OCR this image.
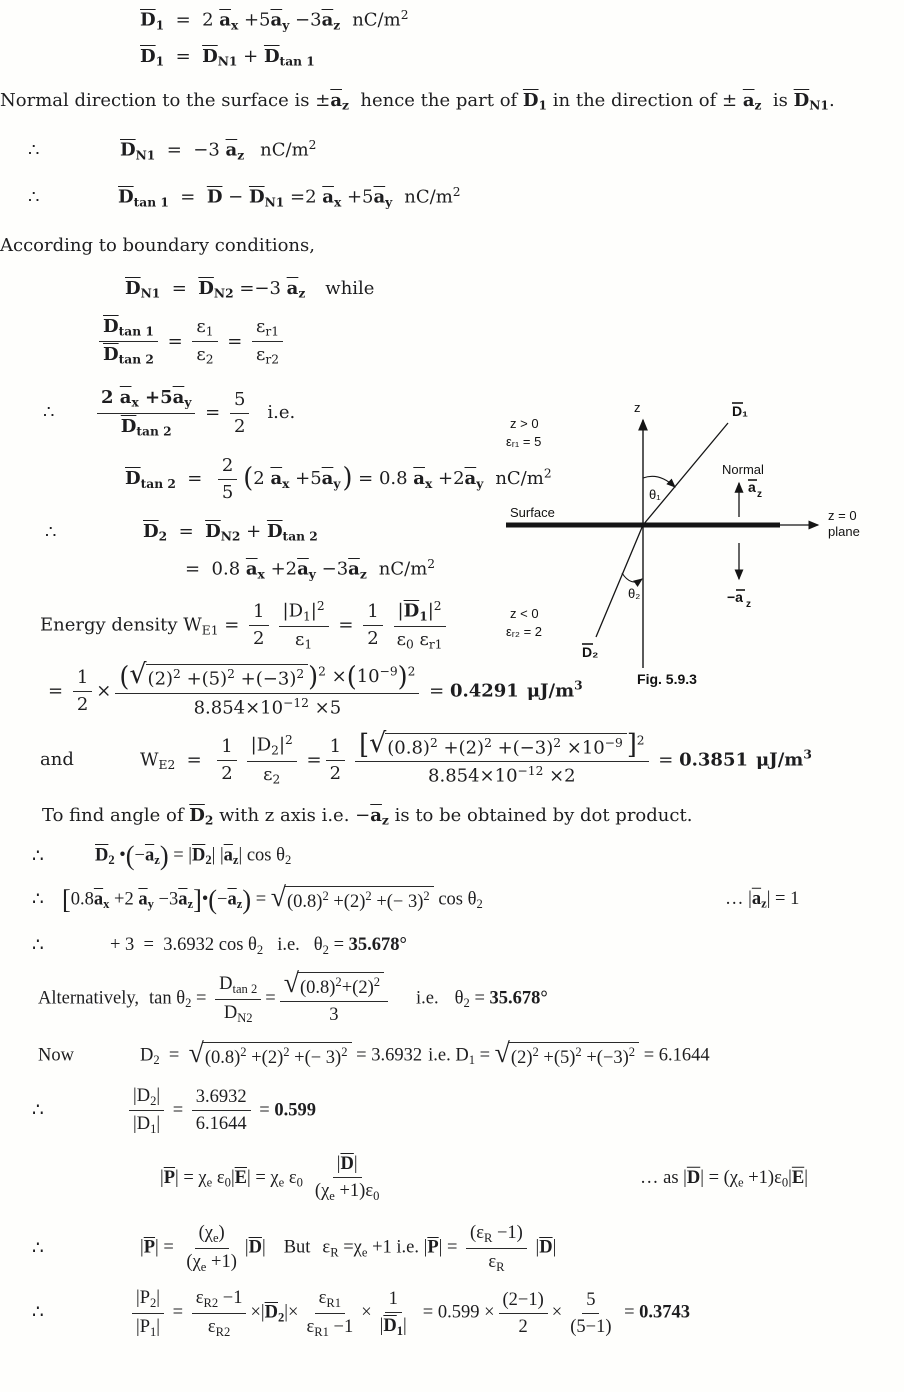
$\overline{D}_1 = 2$ $\overline{a}_x +5\overline{a}_y -3\overline{a}_z$ $nC/m^2$
$\overline{D}_1 = \overline{D}_{N1} + \overline{D}_{tan 1}$
Normal direction to the surface is $\pm\overline{a}_z$  hence the part of $\overline{D}_1$ in the direction of ± $\overline{a}_z$  is $\overline{D}_{N1}$.
∴	$\overline{D}_{N1} = -3$ $\overline{a}_z$ $nC/m^2$
∴	$\overline{D}_{tan 1} = \overline{D} - \overline{D}_{N1} =2$ $\overline{a}_x +5\overline{a}_y$ $nC/m^2$
According to boundary conditions,
$\overline{D}_{N1} = \overline{D}_{N2} =-3$ $\overline{a}_z$ while
$\frac{\overline{D}_{tan 1}}{\overline{D}_{tan 2}} = \frac{\varepsilon_1}{\varepsilon_2} = \frac{\varepsilon_{r1}}{\varepsilon_{r2}}$
∴ $\frac{2 \overline{a}_x +5\overline{a}_y}{\overline{D}_{tan 2}} = \frac{5}{2} i.e$.
$\overline{D}_{tan 2} = \frac{2}{5} (2$ $\overline{a}_x +5\overline{a}_y) = 0.8$ $\overline{a}_x +2\overline{a}_y$ $nC/m^2$
∴	$\overline{D}_2 = \overline{D}_{N2} + \overline{D}_{tan 2}$
=  0.8 $\overline{a}_x +2\overline{a}_y -3\overline{a}_z$ $nC/m^2$
Energy density $W_{E1} = \frac{1}{2} \frac{|D_1|^2}{\varepsilon_1} = \frac{1}{2} \frac{|\overline{D}_1|^2}{\varepsilon_0 \varepsilon_{r1}}$
= $\frac{1}{2} \times \frac{( √ (2)^2 +(5)^2 +(-3)^2 )^2 \times(10^{-9})^2}{8.854\times 10^{-12} \times 5} = 0.4291$ $\mu J/m^3$
and	$W_{E2} = \frac{1}{2} \frac{|D_2|^2}{\varepsilon_2} = \frac{1}{2} \frac{[ √ (0.8)^2 +(2)^2 +(-3)^2 \times 10^{-9} ]^2}{8.854\times 10^{-12} \times 2} = 0.3851$ $\mu J/m^3$
To find angle of $\overline{D}_2$ with z axis i.e. $-\overline{a}_z$ is to be obtained by dot product.
∴	$\overline{D}_2$ $•(-\overline{a}_z) = |\overline{D}_2|$ $|\overline{a}_z|$ $\cos \theta_2$
∴ [$0.8\overline{a}_x +2$ $\overline{a}_y$ $-3\overline{a}_z]•(-\overline{a}_z)$ = √ $(0.8)^2 +(2)^2$ +(− 3)$^2$ $\cos \theta_2$	… $|\overline{a}_z| = 1$
∴	+ 3  =  3.6932 $\cos \theta_2$ i.e. $\theta_2 = 35.678^\circ$
Alternatively, $\tan \theta_2 = \frac{D_{tan 2}}{D_{N2}} = \frac{√ (0.8)^2+(2)^2}{3} i.e$. $\theta_2 = 35.678^\circ$
Now	$D_2$  = √ $(0.8)^2 +(2)^2$ +(− 3)$^2$ = 3.6932 i.e. $D_1$ = √ $(2)^2 +(5)^2 +(-3)^2 = 6.1644$
∴	$\frac{|D_2|}{|D_1|} = \frac{3.6932}{6.1644} = 0.599$
$|\overline{P}| = \chi_e$ $\varepsilon_0|\overline{E}| = \chi_e$ $\varepsilon_0 \frac{|\overline{D}|}{(\chi_e +1)\varepsilon_0}$	… as $|\overline{D}| = (\chi_e +1)\varepsilon_0|\overline{E}|$
∴	$|\overline{P}| = \frac{(\chi_e)}{(\chi_e +1)} |\overline{D}|$ But $\varepsilon_R =\chi_e +1$ i.e. $|\overline{P}| = \frac{(\varepsilon_R -1)}{\varepsilon_R} |\overline{D}|$
∴	$\frac{|P_2|}{|P_1|} = \frac{\varepsilon_{R2} -1}{\varepsilon_{R2}} \times|\overline{D}_2|\times \frac{\varepsilon_{R1}}{\varepsilon_{R1} -1} \times \frac{1}{|\overline{D}_1|} = 0.599 \times \frac{(2-1)}{2} \times \frac{5}{(5-1)} = 0.3743$
z
z = 0
plane
Surface
D₁
D₂
θ₁
θ₂
Normal
a z
−a z
z > 0
εᵣ₁ = 5
z < 0
εᵣ₂ = 2
Fig. 5.9.3
